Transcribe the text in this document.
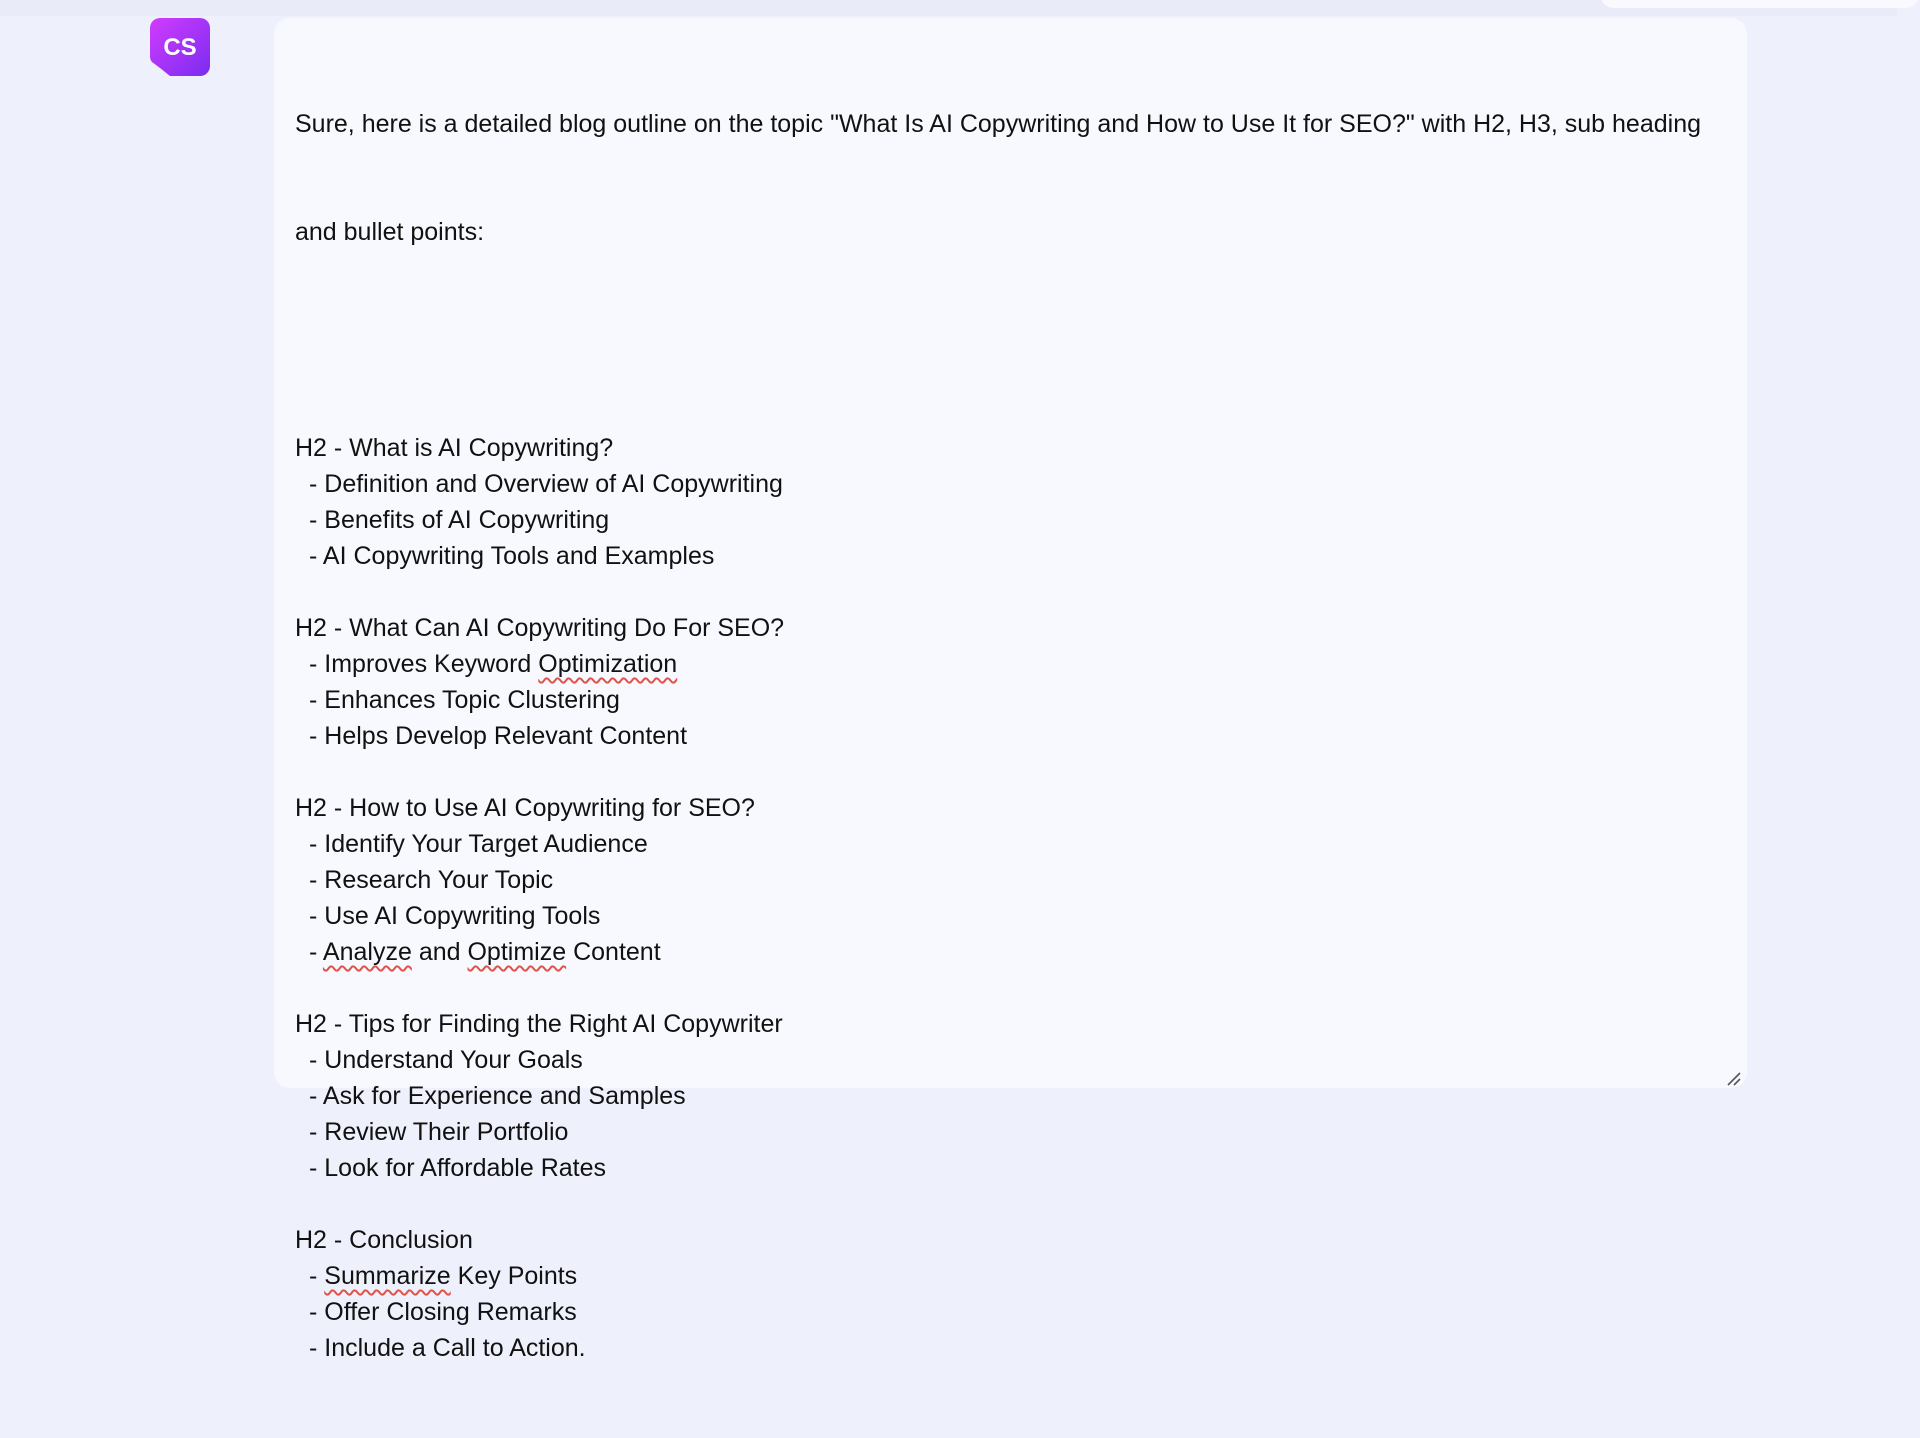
CS

Sure, here is a detailed blog outline on the topic "What Is AI Copywriting and How to Use It for SEO?" with H2, H3, sub heading

and bullet points:

H2 - What is AI Copywriting?
- Definition and Overview of AI Copywriting
- Benefits of AI Copywriting
- AI Copywriting Tools and Examples
H2 - What Can AI Copywriting Do For SEO?
- Improves Keyword Optimization
- Enhances Topic Clustering
- Helps Develop Relevant Content
H2 - How to Use AI Copywriting for SEO?
- Identify Your Target Audience
- Research Your Topic
- Use AI Copywriting Tools
- Analyze and Optimize Content
H2 - Tips for Finding the Right AI Copywriter
- Understand Your Goals
- Ask for Experience and Samples
- Review Their Portfolio
- Look for Affordable Rates
H2 - Conclusion
- Summarize Key Points
- Offer Closing Remarks
- Include a Call to Action.
